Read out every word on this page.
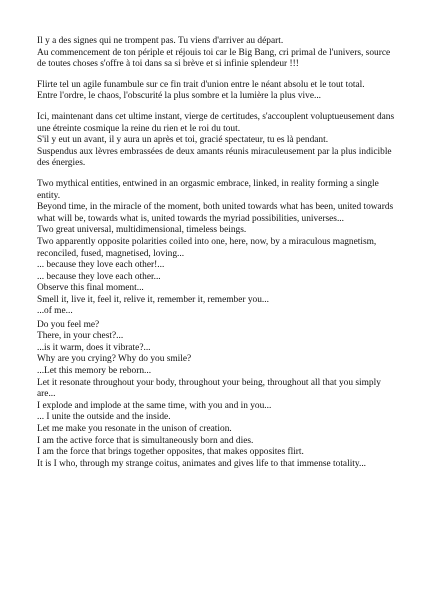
Il y a des signes qui ne trompent pas. Tu viens d'arriver au départ.
Au commencement de ton périple et réjouis toi car le Big Bang, cri primal de l'univers, source de toutes choses s'offre à toi dans sa si brève et si infinie splendeur !!!

Flirte tel un agile funambule sur ce fin trait d'union entre le néant absolu et le tout total.
Entre l'ordre, le chaos, l'obscurité la plus sombre et la lumière la plus vive...

Ici, maintenant dans cet ultime instant, vierge de certitudes, s'accouplent voluptueusement dans une étreinte cosmique la reine du rien et le roi du tout.
S'il y eut un avant, il y aura un après et toi, gracié spectateur, tu es là pendant.
Suspendus aux lèvres embrassées de deux amants réunis miraculeusement par la plus indicible des énergies.

Two mythical entities, entwined in an orgasmic embrace, linked, in reality forming a single entity.
Beyond time, in the miracle of the moment, both united towards what has been, united towards what will be, towards what is, united towards the myriad possibilities, universes...
Two great universal, multidimensional, timeless beings.
Two apparently opposite polarities coiled into one, here, now, by a miraculous magnetism, reconciled, fused, magnetised, loving...
... because they love each other!...
... because they love each other...
Observe this final moment...
Smell it, live it, feel it, relive it, remember it, remember you...
...of me...
Do you feel me?
There, in your chest?...
...is it warm, does it vibrate?...
Why are you crying? Why do you smile?
...Let this memory be reborn...
Let it resonate throughout your body, throughout your being, throughout all that you simply are...
I explode and implode at the same time, with you and in you...
... I unite the outside and the inside.
Let me make you resonate in the unison of creation.
I am the active force that is simultaneously born and dies.
I am the force that brings together opposites, that makes opposites flirt.
It is I who, through my strange coitus, animates and gives life to that immense totality...
